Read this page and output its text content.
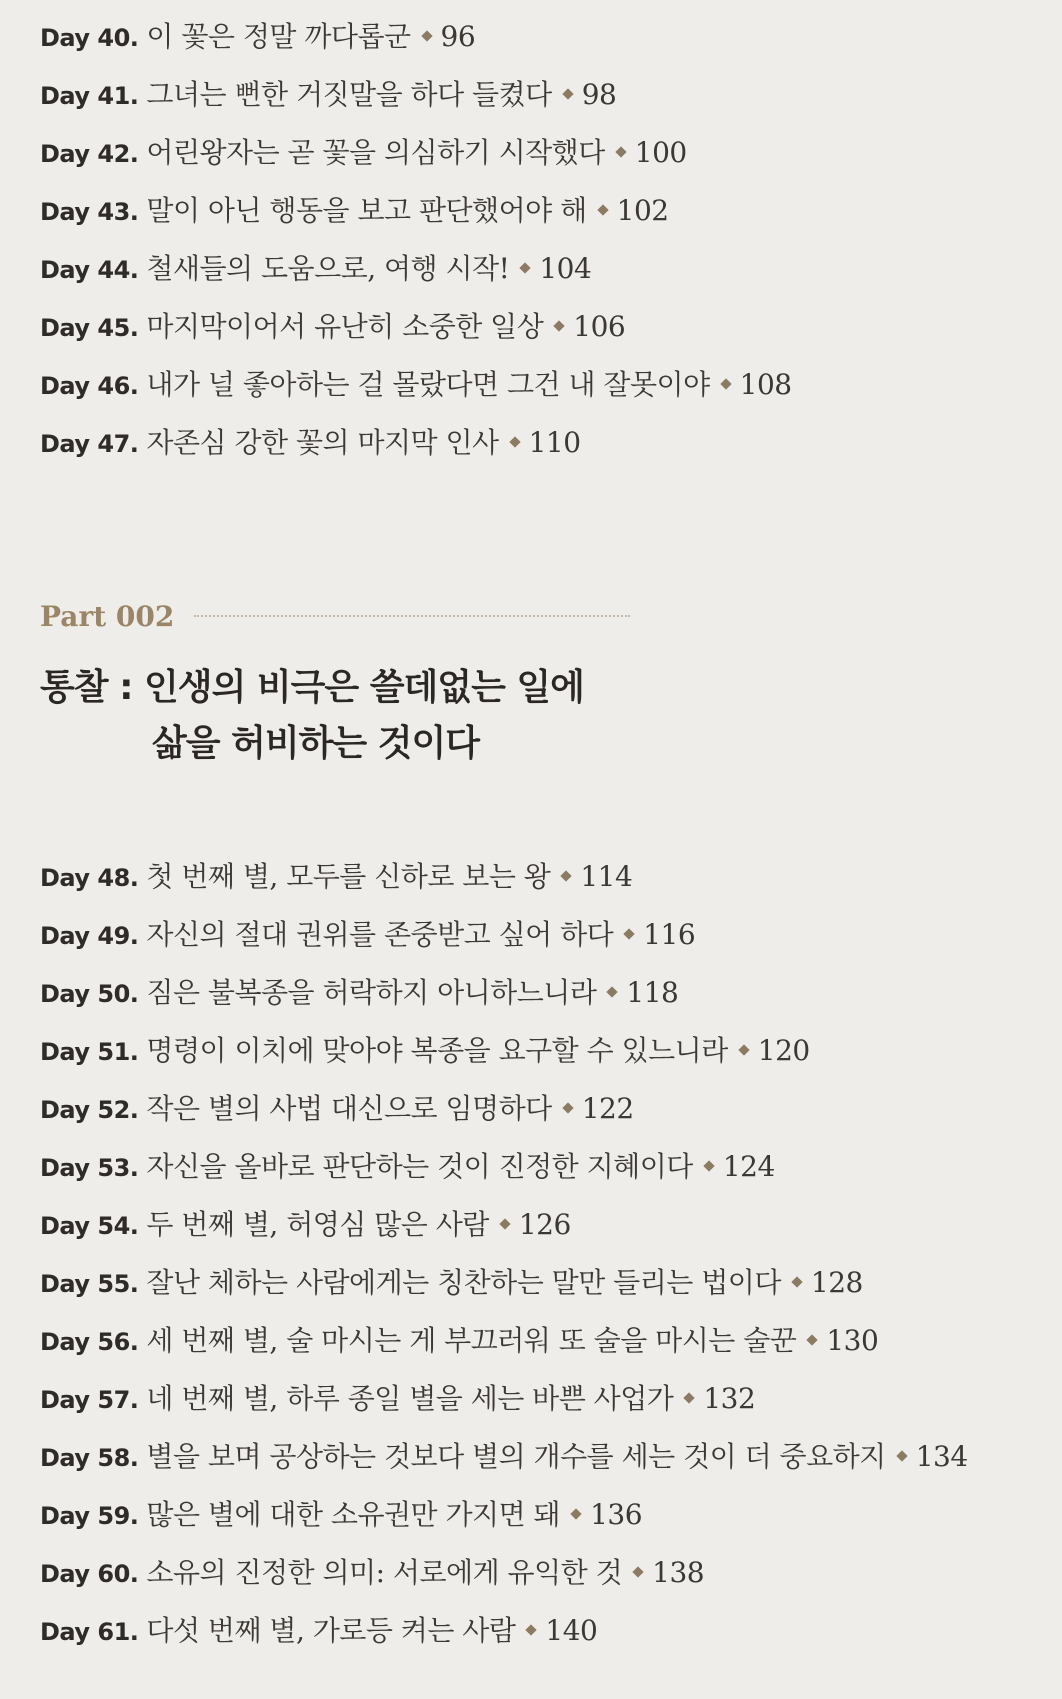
Day 40. 이 꽃은 정말 까다롭군 96
Day 41. 그녀는 뻔한 거짓말을 하다 들켰다 98
Day 42. 어린왕자는 곧 꽃을 의심하기 시작했다 100
Day 43. 말이 아닌 행동을 보고 판단했어야 해 102
Day 44. 철새들의 도움으로, 여행 시작! 104
Day 45. 마지막이어서 유난히 소중한 일상 106
Day 46. 내가 널 좋아하는 걸 몰랐다면 그건 내 잘못이야 108
Day 47. 자존심 강한 꽃의 마지막 인사 110
Part 002
통찰 : 인생의 비극은 쓸데없는 일에
삶을 허비하는 것이다
Day 48. 첫 번째 별, 모두를 신하로 보는 왕 114
Day 49. 자신의 절대 권위를 존중받고 싶어 하다 116
Day 50. 짐은 불복종을 허락하지 아니하느니라 118
Day 51. 명령이 이치에 맞아야 복종을 요구할 수 있느니라 120
Day 52. 작은 별의 사법 대신으로 임명하다 122
Day 53. 자신을 올바로 판단하는 것이 진정한 지혜이다 124
Day 54. 두 번째 별, 허영심 많은 사람 126
Day 55. 잘난 체하는 사람에게는 칭찬하는 말만 들리는 법이다 128
Day 56. 세 번째 별, 술 마시는 게 부끄러워 또 술을 마시는 술꾼 130
Day 57. 네 번째 별, 하루 종일 별을 세는 바쁜 사업가 132
Day 58. 별을 보며 공상하는 것보다 별의 개수를 세는 것이 더 중요하지 134
Day 59. 많은 별에 대한 소유권만 가지면 돼 136
Day 60. 소유의 진정한 의미: 서로에게 유익한 것 138
Day 61. 다섯 번째 별, 가로등 켜는 사람 140
